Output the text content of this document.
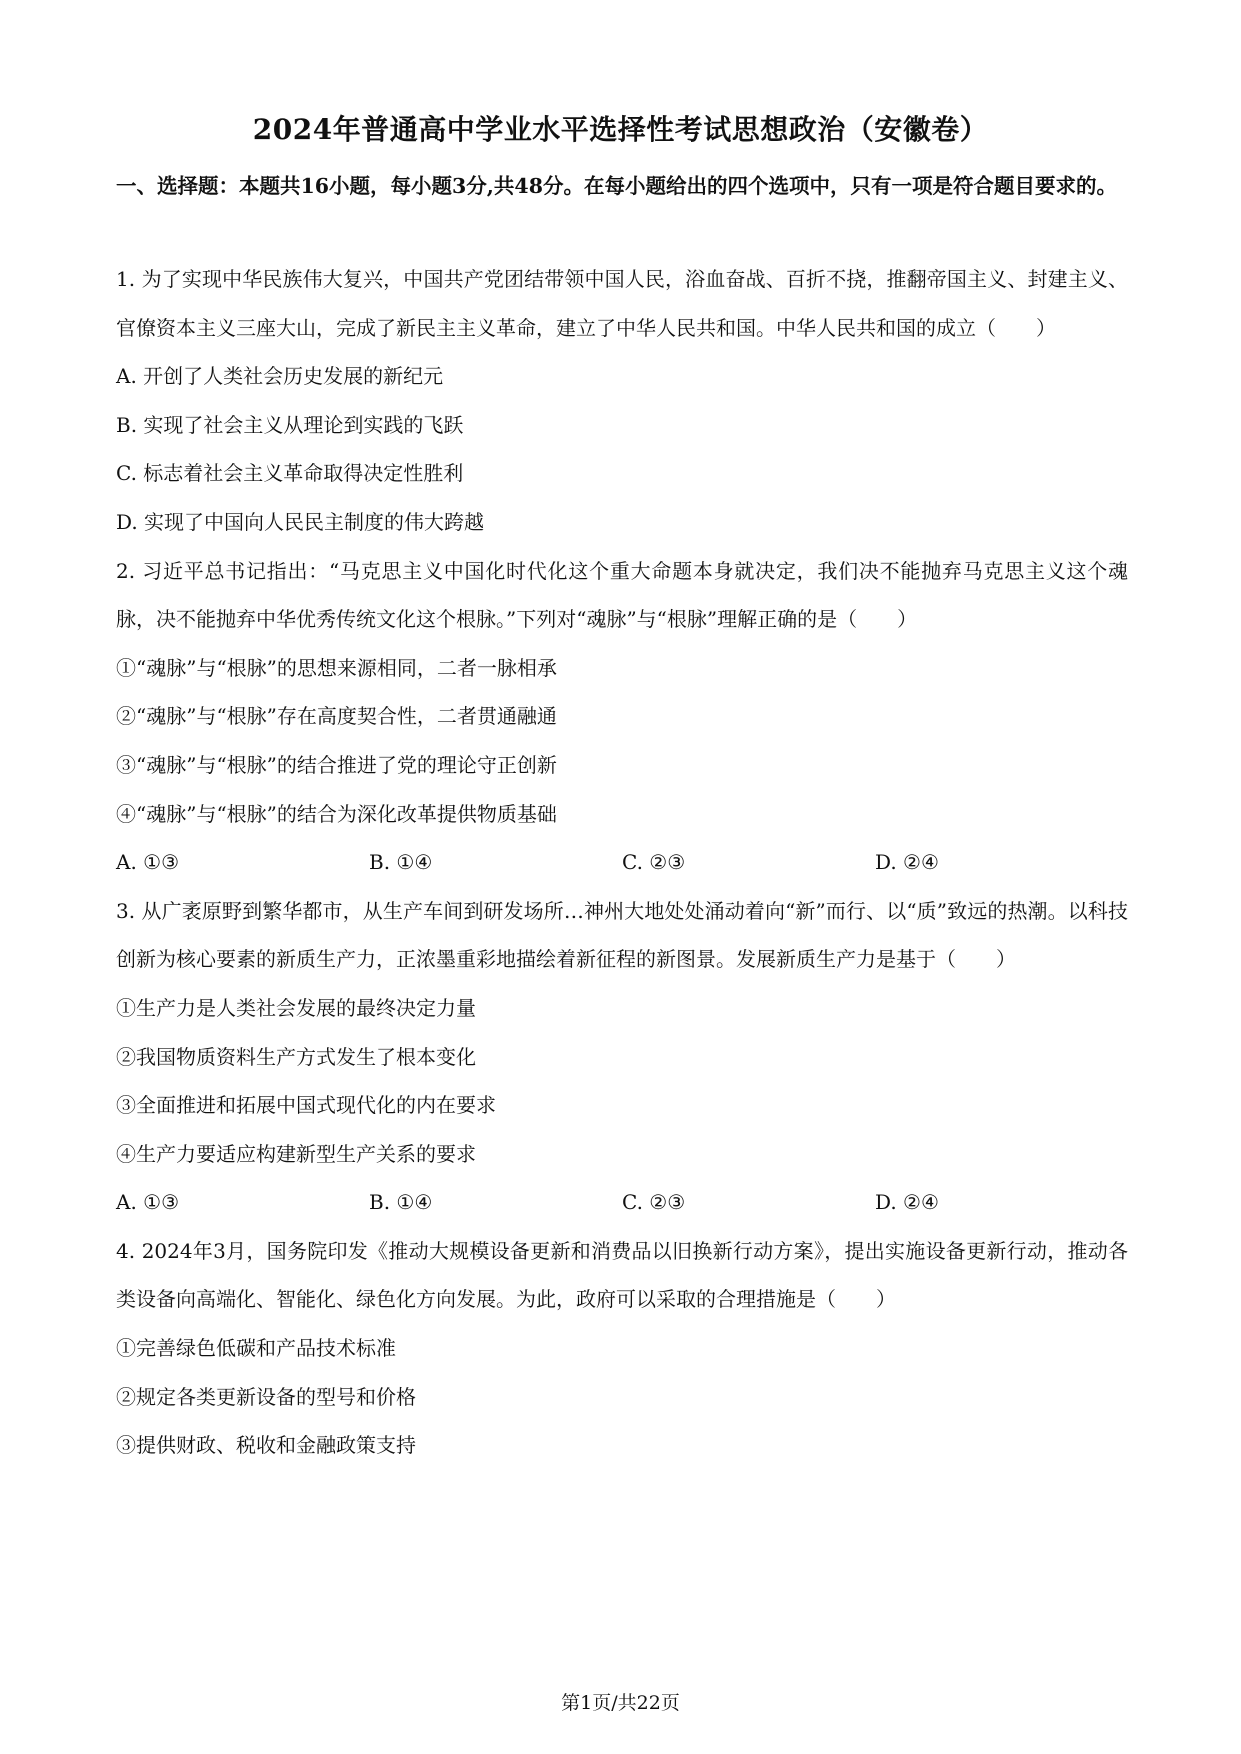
2024年普通高中学业水平选择性考试思想政治（安徽卷）
一、选择题：本题共16小题，每小题3分,共48分。在每小题给出的四个选项中，只有一项是符合题目要求的。
1. 为了实现中华民族伟大复兴，中国共产党团结带领中国人民，浴血奋战、百折不挠，推翻帝国主义、封建主义、官僚资本主义三座大山，完成了新民主主义革命，建立了中华人民共和国。中华人民共和国的成立（　　）
A. 开创了人类社会历史发展的新纪元
B. 实现了社会主义从理论到实践的飞跃
C. 标志着社会主义革命取得决定性胜利
D. 实现了中国向人民民主制度的伟大跨越
2. 习近平总书记指出：“马克思主义中国化时代化这个重大命题本身就决定，我们决不能抛弃马克思主义这个魂脉，决不能抛弃中华优秀传统文化这个根脉。”下列对“魂脉”与“根脉”理解正确的是（　　）
①“魂脉”与“根脉”的思想来源相同，二者一脉相承
②“魂脉”与“根脉”存在高度契合性，二者贯通融通
③“魂脉”与“根脉”的结合推进了党的理论守正创新
④“魂脉”与“根脉”的结合为深化改革提供物质基础
A. ①③	B. ①④	C. ②③	D. ②④
3. 从广袤原野到繁华都市，从生产车间到研发场所…神州大地处处涌动着向“新”而行、以“质”致远的热潮。以科技创新为核心要素的新质生产力，正浓墨重彩地描绘着新征程的新图景。发展新质生产力是基于（　　）
①生产力是人类社会发展的最终决定力量
②我国物质资料生产方式发生了根本变化
③全面推进和拓展中国式现代化的内在要求
④生产力要适应构建新型生产关系的要求
A. ①③	B. ①④	C. ②③	D. ②④
4. 2024年3月，国务院印发《推动大规模设备更新和消费品以旧换新行动方案》，提出实施设备更新行动，推动各类设备向高端化、智能化、绿色化方向发展。为此，政府可以采取的合理措施是（　　）
①完善绿色低碳和产品技术标准
②规定各类更新设备的型号和价格
③提供财政、税收和金融政策支持
第1页/共22页
